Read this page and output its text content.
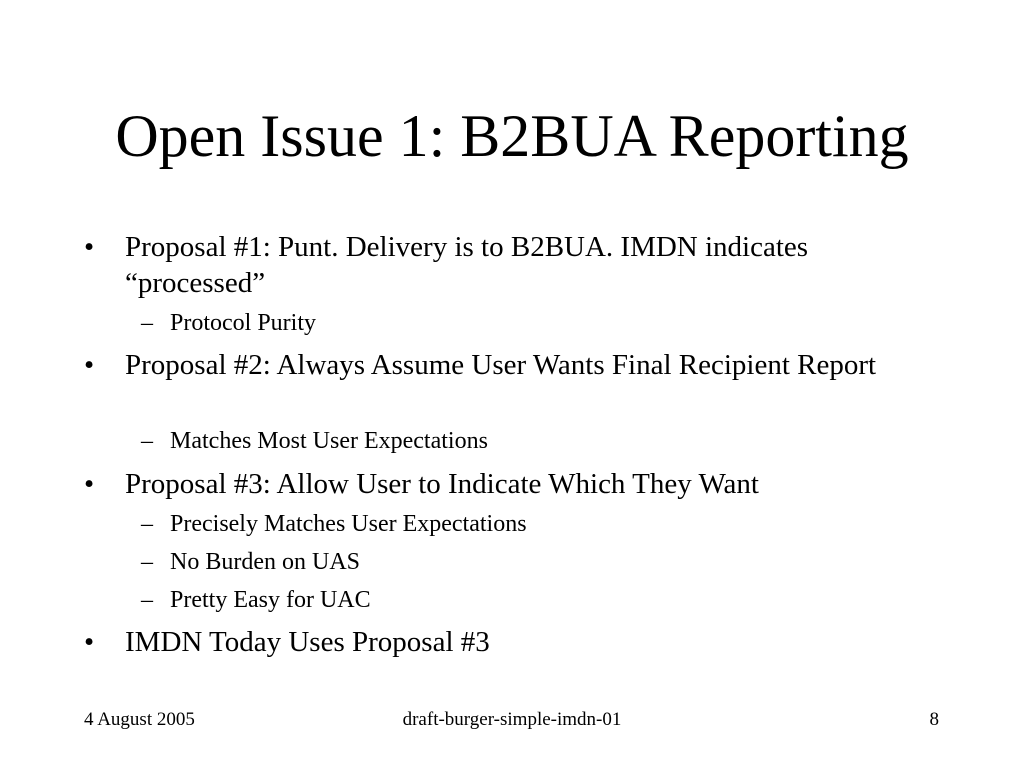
Open Issue 1: B2BUA Reporting
• Proposal #1: Punt. Delivery is to B2BUA. IMDN indicates “processed”
– Protocol Purity
• Proposal #2: Always Assume User Wants Final Recipient Report
– Matches Most User Expectations
• Proposal #3: Allow User to Indicate Which They Want
– Precisely Matches User Expectations
– No Burden on UAS
– Pretty Easy for UAC
• IMDN Today Uses Proposal #3
4 August 2005	draft-burger-simple-imdn-01	8
